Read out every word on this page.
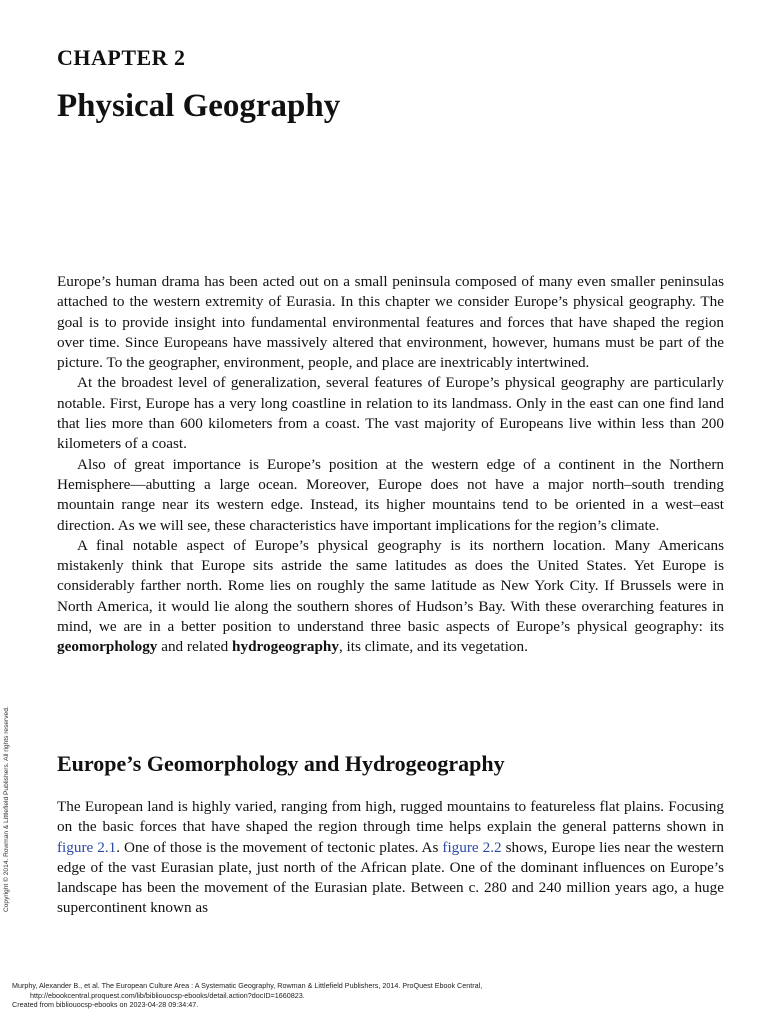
CHAPTER 2
Physical Geography

Europe’s human drama has been acted out on a small peninsula composed of many even smaller peninsulas attached to the western extremity of Eurasia. In this chapter we consider Europe’s physical geography. The goal is to provide insight into fundamental environmental features and forces that have shaped the region over time. Since Europeans have massively altered that environment, however, humans must be part of the picture. To the geographer, environment, people, and place are inextricably intertwined.

At the broadest level of generalization, several features of Europe’s physical geography are particularly notable. First, Europe has a very long coastline in relation to its landmass. Only in the east can one find land that lies more than 600 kilometers from a coast. The vast majority of Europeans live within less than 200 kilometers of a coast.

Also of great importance is Europe’s position at the western edge of a continent in the Northern Hemisphere—abutting a large ocean. Moreover, Europe does not have a major north–south trending mountain range near its western edge. Instead, its higher mountains tend to be oriented in a west–east direction. As we will see, these characteristics have important implications for the region’s climate.

A final notable aspect of Europe’s physical geography is its northern location. Many Americans mistakenly think that Europe sits astride the same latitudes as does the United States. Yet Europe is considerably farther north. Rome lies on roughly the same latitude as New York City. If Brussels were in North America, it would lie along the southern shores of Hudson’s Bay. With these overarching features in mind, we are in a better position to understand three basic aspects of Europe’s physical geography: its geomorphology and related hydrogeography, its climate, and its vegetation.

Europe’s Geomorphology and Hydrogeography

The European land is highly varied, ranging from high, rugged mountains to featureless flat plains. Focusing on the basic forces that have shaped the region through time helps explain the general patterns shown in figure 2.1. One of those is the movement of tectonic plates. As figure 2.2 shows, Europe lies near the western edge of the vast Eurasian plate, just north of the African plate. One of the dominant influences on Europe’s landscape has been the movement of the Eurasian plate. Between c. 280 and 240 million years ago, a huge supercontinent known as

Copyright © 2014. Rowman & Littlefield Publishers. All rights reserved.
Murphy, Alexander B., et al. The European Culture Area : A Systematic Geography, Rowman & Littlefield Publishers, 2014. ProQuest Ebook Central,
http://ebookcentral.proquest.com/lib/bibliouocsp-ebooks/detail.action?docID=1660823.
Created from bibliouocsp-ebooks on 2023-04-28 09:34:47.
